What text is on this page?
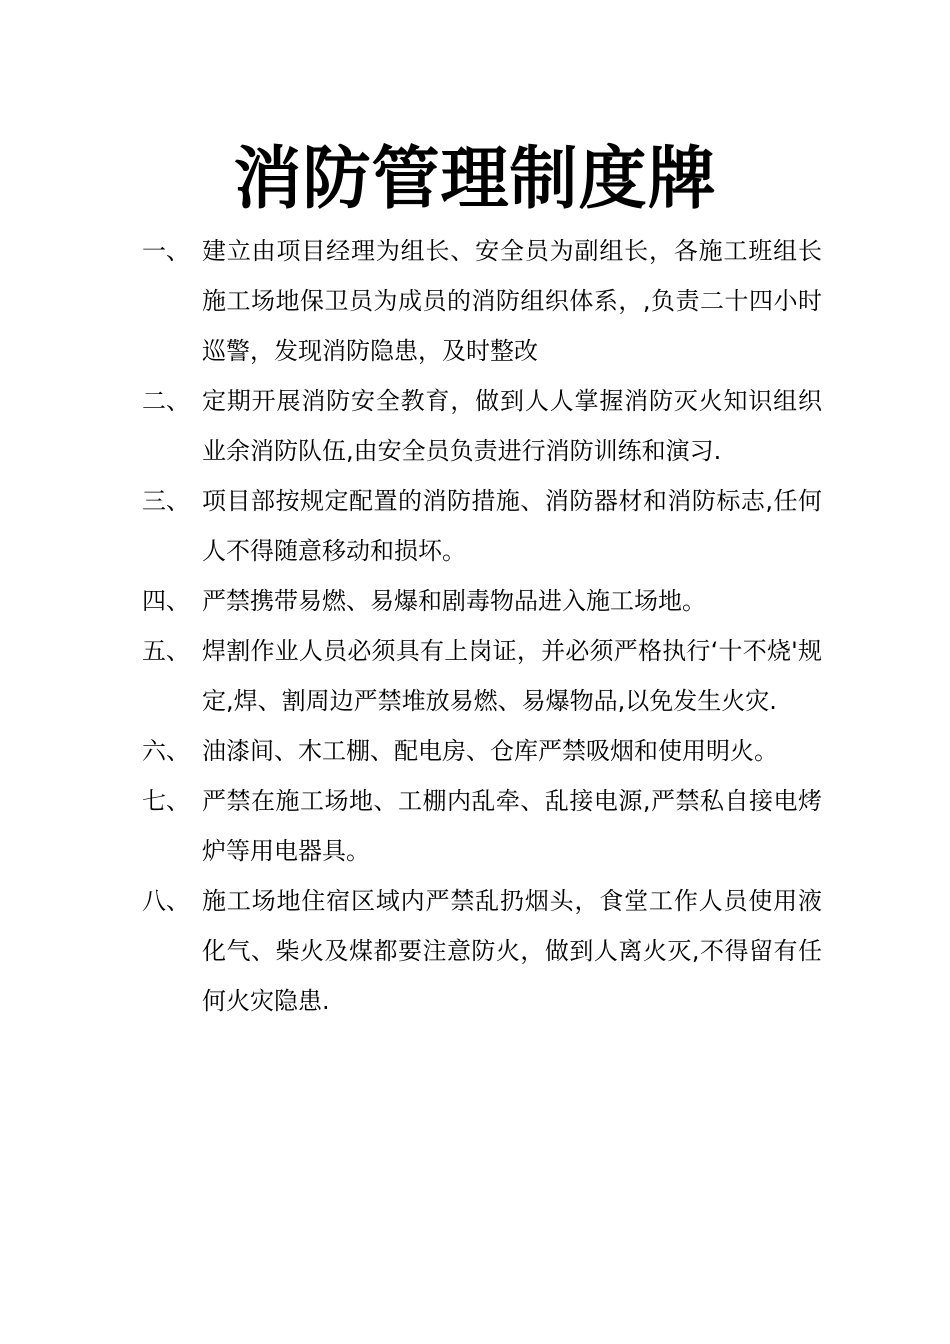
消防管理制度牌
一、 建立由项目经理为组长、安全员为副组长，各施工班组长施工场地保卫员为成员的消防组织体系，,负责二十四小时巡警，发现消防隐患，及时整改
二、 定期开展消防安全教育，做到人人掌握消防灭火知识组织业余消防队伍,由安全员负责进行消防训练和演习.
三、 项目部按规定配置的消防措施、消防器材和消防标志,任何人不得随意移动和损坏。
四、 严禁携带易燃、易爆和剧毒物品进入施工场地。
五、 焊割作业人员必须具有上岗证，并必须严格执行‘十不烧'规定,焊、割周边严禁堆放易燃、易爆物品,以免发生火灾.
六、 油漆间、木工棚、配电房、仓库严禁吸烟和使用明火。
七、 严禁在施工场地、工棚内乱牵、乱接电源,严禁私自接电烤炉等用电器具。
八、 施工场地住宿区域内严禁乱扔烟头，食堂工作人员使用液化气、柴火及煤都要注意防火，做到人离火灭,不得留有任何火灾隐患.
